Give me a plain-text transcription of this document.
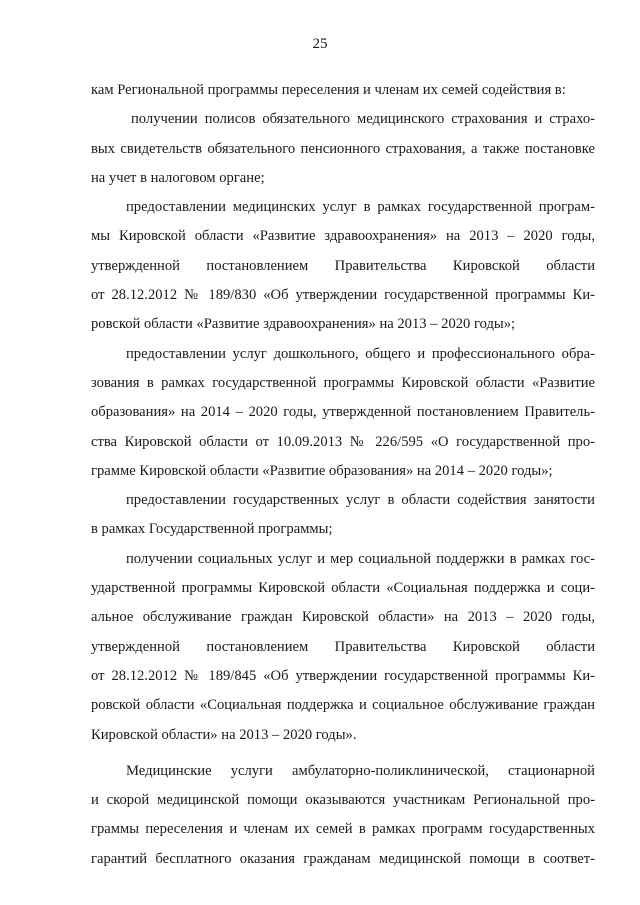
25
кам Региональной программы переселения и членам их семей содействия в:
получении полисов обязательного медицинского страхования и страхо-
вых свидетельств обязательного пенсионного страхования, а также постановке
на учет в налоговом органе;
предоставлении медицинских услуг в рамках государственной програм-
мы Кировской области «Развитие здравоохранения» на 2013 – 2020 годы,
утвержденной постановлением Правительства Кировской области
от 28.12.2012 № 189/830 «Об утверждении государственной программы Ки-
ровской области «Развитие здравоохранения» на 2013 – 2020 годы»;
предоставлении услуг дошкольного, общего и профессионального обра-
зования в рамках государственной программы Кировской области «Развитие
образования» на 2014 – 2020 годы, утвержденной постановлением Правитель-
ства Кировской области от 10.09.2013 № 226/595 «О государственной про-
грамме Кировской области «Развитие образования» на 2014 – 2020 годы»;
предоставлении государственных услуг в области содействия занятости
в рамках Государственной программы;
получении социальных услуг и мер социальной поддержки в рамках гос-
ударственной программы Кировской области «Социальная поддержка и соци-
альное обслуживание граждан Кировской области» на 2013 – 2020 годы,
утвержденной постановлением Правительства Кировской области
от 28.12.2012 № 189/845 «Об утверждении государственной программы Ки-
ровской области «Социальная поддержка и социальное обслуживание граждан
Кировской области» на 2013 – 2020 годы».
Медицинские услуги амбулаторно-поликлинической, стационарной
и скорой медицинской помощи оказываются участникам Региональной про-
граммы переселения и членам их семей в рамках программ государственных
гарантий бесплатного оказания гражданам медицинской помощи в соответ-
